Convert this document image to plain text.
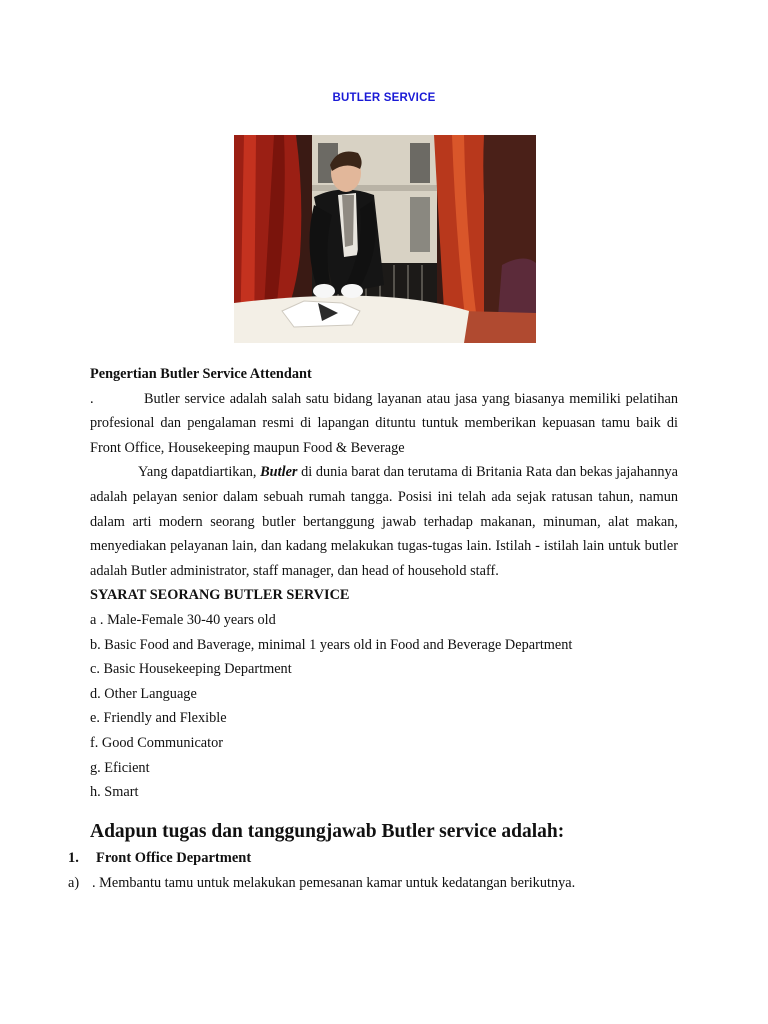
BUTLER SERVICE

Pengertian Butler Service Attendant

.	Butler service adalah salah satu bidang layanan atau jasa yang biasanya memiliki pelatihan profesional dan pengalaman resmi di lapangan dituntu tuntuk memberikan kepuasan tamu baik di Front Office, Housekeeping maupun Food & Beverage

Yang dapatdiartikan, Butler di dunia barat dan terutama di Britania Rata dan bekas jajahannya adalah pelayan senior dalam sebuah rumah tangga. Posisi ini telah ada sejak ratusan tahun, namun dalam arti modern seorang butler bertanggung jawab terhadap makanan, minuman, alat makan, menyediakan pelayanan lain, dan kadang melakukan tugas-tugas lain. Istilah - istilah lain untuk butler adalah Butler administrator, staff manager, dan head of household staff.

SYARAT SEORANG BUTLER SERVICE

a . Male-Female 30-40 years old

b. Basic Food and Baverage, minimal 1 years old in Food and Beverage Department

c. Basic Housekeeping Department

d. Other Language

e. Friendly and Flexible

f. Good Communicator

g. Eficient

h. Smart

Adapun tugas dan tanggungjawab Butler service adalah:
1. Front Office Department
a) . Membantu tamu untuk melakukan pemesanan kamar untuk kedatangan berikutnya.
